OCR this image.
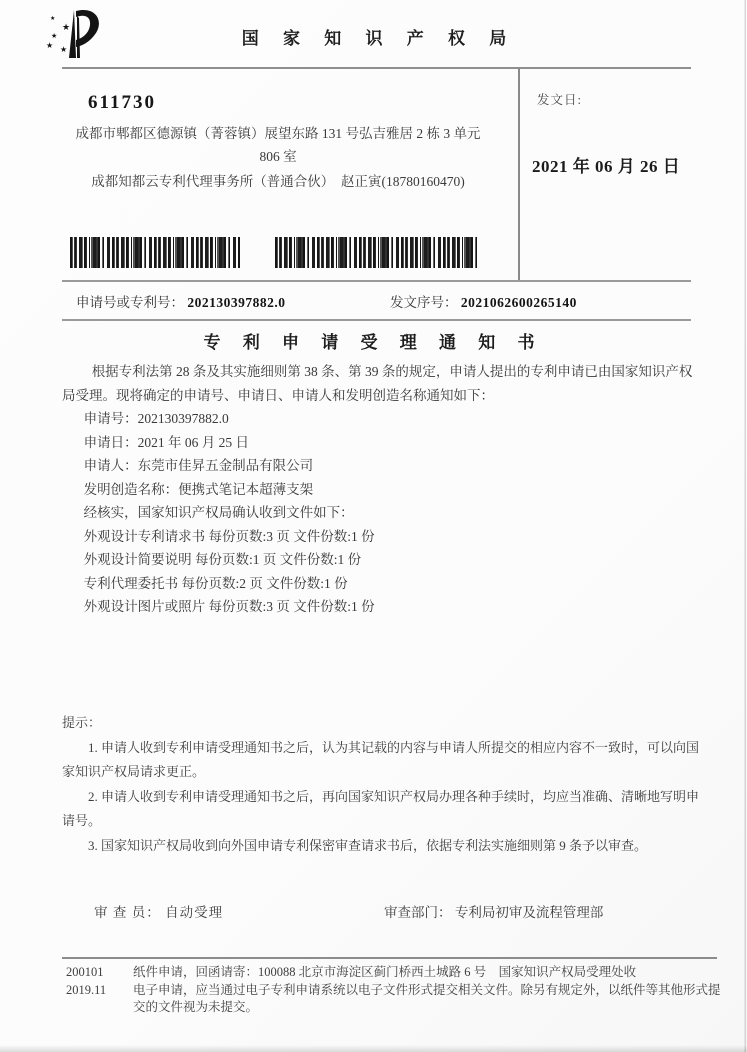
★
★
★
★ ★
国 家 知 识 产 权 局
发文日:
2021 年 06 月 26 日
611730
成都市郫都区德源镇（菁蓉镇）展望东路 131 号弘吉雅居 2 栋 3 单元
806 室
成都知都云专利代理事务所（普通合伙）　赵正寅(18780160470)
申请号或专利号： 202130397882.0	发文序号： 2021062600265140
专 利 申 请 受 理 通 知 书

根据专利法第 28 条及其实施细则第 38 条、第 39 条的规定，申请人提出的专利申请已由国家知识产权局受理。现将确定的申请号、申请日、申请人和发明创造名称通知如下：

申请号：202130397882.0
申请日：2021 年 06 月 25 日
申请人：东莞市佳昇五金制品有限公司
发明创造名称：便携式笔记本超薄支架
经核实，国家知识产权局确认收到文件如下：
外观设计专利请求书 每份页数:3 页 文件份数:1 份
外观设计简要说明 每份页数:1 页 文件份数:1 份
专利代理委托书 每份页数:2 页 文件份数:1 份
外观设计图片或照片 每份页数:3 页 文件份数:1 份
提示：
1. 申请人收到专利申请受理通知书之后，认为其记载的内容与申请人所提交的相应内容不一致时，可以向国家知识产权局请求更正。
2. 申请人收到专利申请受理通知书之后，再向国家知识产权局办理各种手续时，均应当准确、清晰地写明申请号。
3. 国家知识产权局收到向外国申请专利保密审查请求书后，依据专利法实施细则第 9 条予以审查。
审 查 员： 自动受理	审查部门： 专利局初审及流程管理部
200101	纸件申请，回函请寄：100088 北京市海淀区蓟门桥西土城路 6 号　国家知识产权局受理处收
2019.11	电子申请，应当通过电子专利申请系统以电子文件形式提交相关文件。除另有规定外，以纸件等其他形式提交的文件视为未提交。
